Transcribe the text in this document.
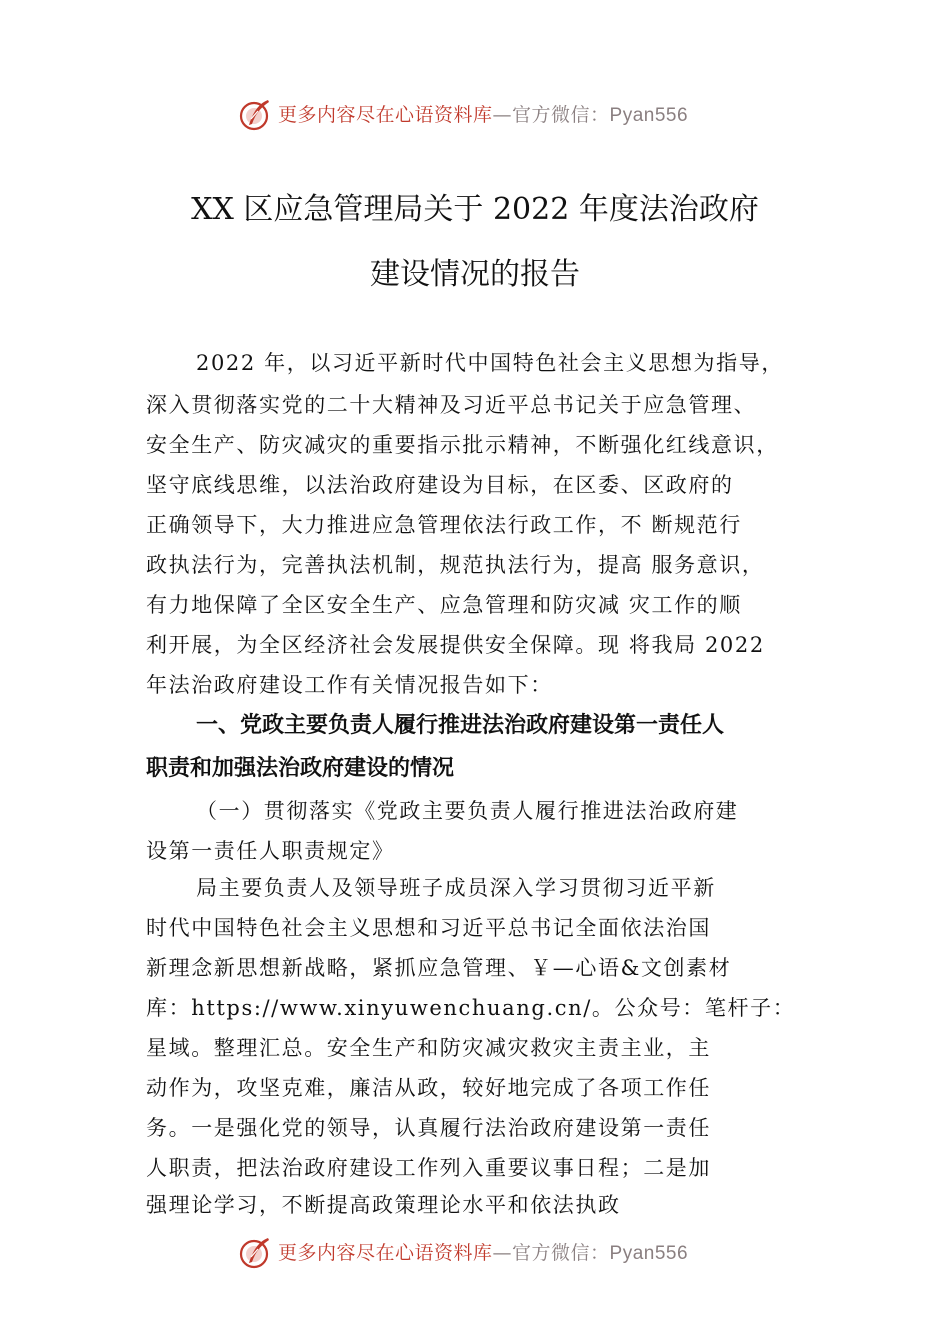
更多内容尽在心语资料库—官方微信：Pyan556
XX 区应急管理局关于 2022 年度法治政府
建设情况的报告
2022 年，以习近平新时代中国特色社会主义思想为指导，
深入贯彻落实党的二十大精神及习近平总书记关于应急管理、
安全生产、防灾减灾的重要指示批示精神，不断强化红线意识，
坚守底线思维，以法治政府建设为目标，在区委、区政府的
正确领导下，大力推进应急管理依法行政工作，不 断规范行
政执法行为，完善执法机制，规范执法行为，提高 服务意识，
有力地保障了全区安全生产、应急管理和防灾减 灾工作的顺
利开展，为全区经济社会发展提供安全保障。现 将我局 2022
年法治政府建设工作有关情况报告如下：
一、党政主要负责人履行推进法治政府建设第一责任人
职责和加强法治政府建设的情况
（一）贯彻落实《党政主要负责人履行推进法治政府建
设第一责任人职责规定》
局主要负责人及领导班子成员深入学习贯彻习近平新
时代中国特色社会主义思想和习近平总书记全面依法治国
新理念新思想新战略，紧抓应急管理、￥—心语&文创素材
库：https://www.xinyuwenchuang.cn/。公众号：笔杆子：
星域。整理汇总。安全生产和防灾减灾救灾主责主业，主
动作为，攻坚克难，廉洁从政，较好地完成了各项工作任
务。一是强化党的领导，认真履行法治政府建设第一责任
人职责，把法治政府建设工作列入重要议事日程；二是加
强理论学习，不断提高政策理论水平和依法执政
更多内容尽在心语资料库—官方微信：Pyan556
